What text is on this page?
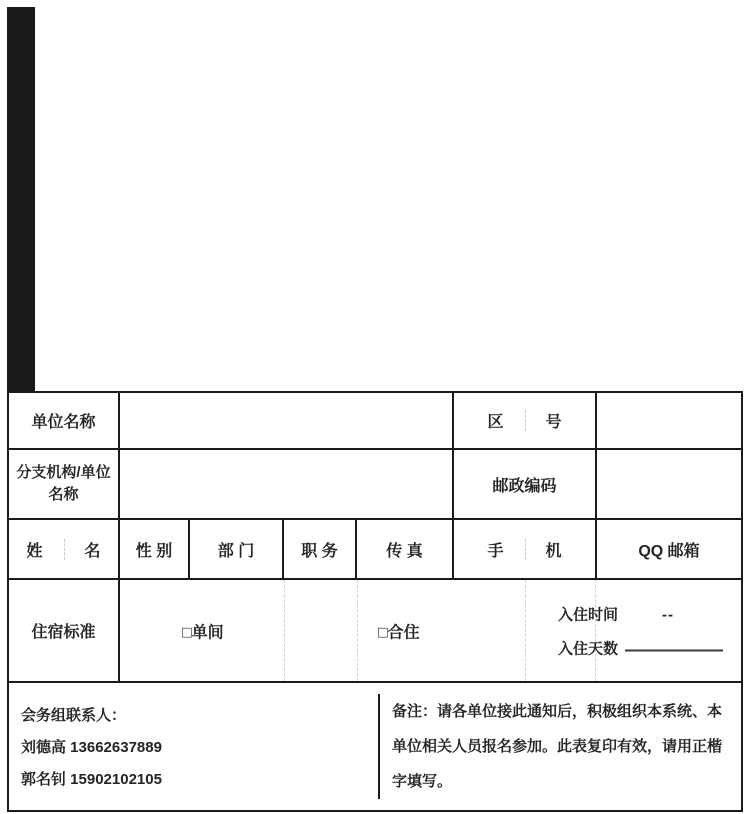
单位名称					区 号	

分支机构/单位名称					邮政编码	

姓 名	性 别	部 门	职 务	传 真	手 机	QQ 邮箱
住宿标准	□单间 □合住
入住时间 --
入住天数					

会务组联系人：

刘德高 13662637889

郭名钊 15902102105

备注：请各单位接此通知后，积极组织本系统、本单位相关人员报名参加。此表复印有效，请用正楷字填写。						
